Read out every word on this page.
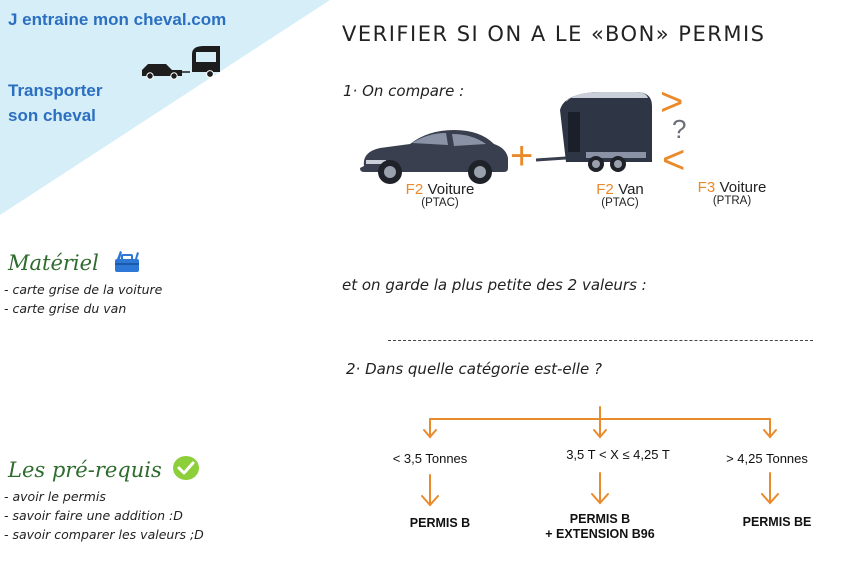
J entraine mon cheval.com
Transporter
son cheval
VERIFIER SI ON A LE «BON» PERMIS
1· On compare :
+
>
?
<
F2 Voiture
(PTAC)
F2 Van
(PTAC)
F3 Voiture
(PTRA)
et on garde la plus petite des 2 valeurs :
2· Dans quelle catégorie est-elle ?
< 3,5 Tonnes	3,5 T < X ≤ 4,25 T	> 4,25 Tonnes
PERMIS B	PERMIS B
+ EXTENSION B96
PERMIS BE
Matériel
- carte grise de la voiture
- carte grise du van
Les pré-requis
- avoir le permis
- savoir faire une addition :D
- savoir comparer les valeurs ;D
